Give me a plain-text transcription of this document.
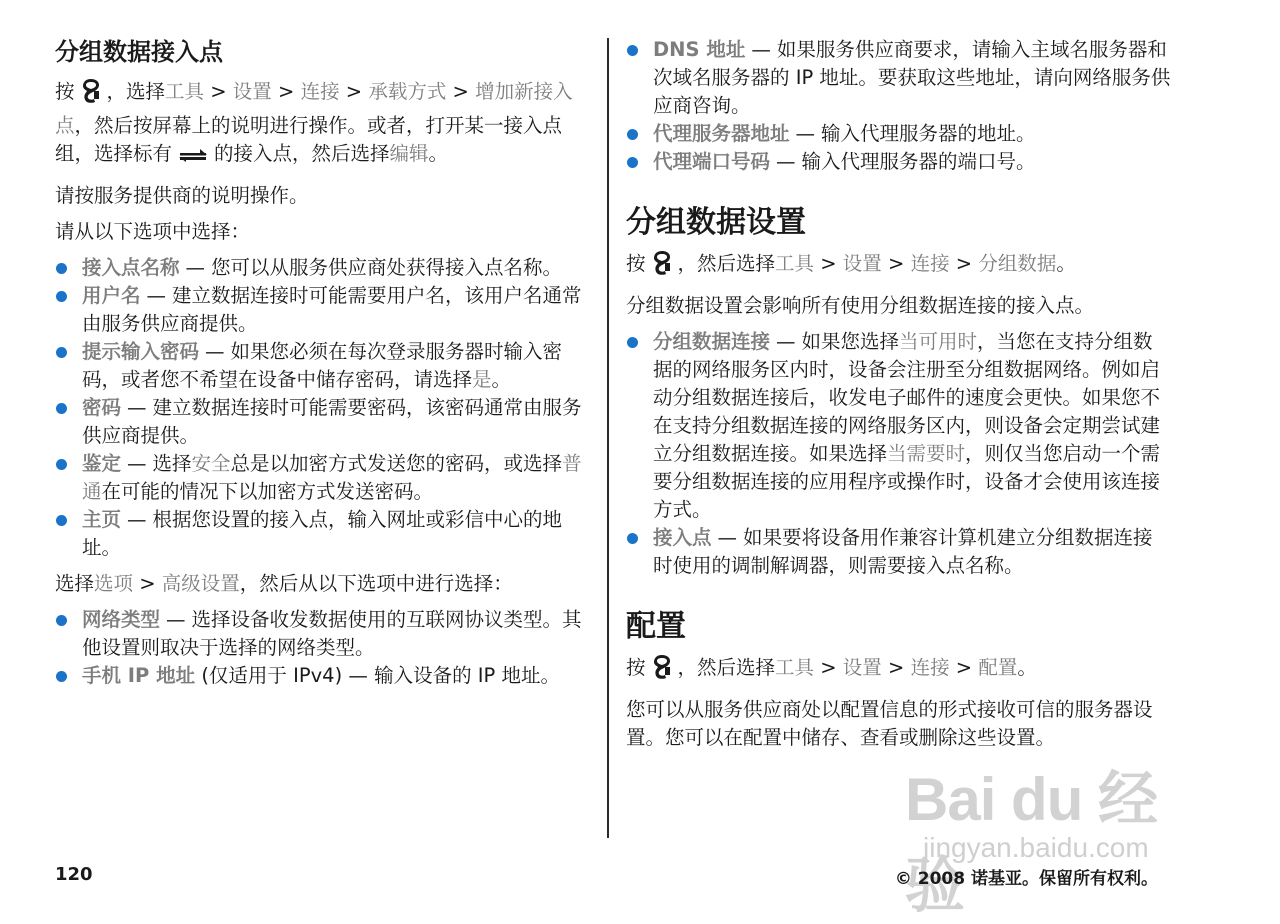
分组数据接入点

按 ，选择工具 > 设置 > 连接 > 承载方式 > 增加新接入点，然后按屏幕上的说明进行操作。或者，打开某一接入点组，选择标有 的接入点，然后选择编辑。

请按服务提供商的说明操作。

请从以下选项中选择：

接入点名称 — 您可以从服务供应商处获得接入点名称。
用户名 — 建立数据连接时可能需要用户名，该用户名通常由服务供应商提供。
提示输入密码 — 如果您必须在每次登录服务器时输入密码，或者您不希望在设备中储存密码，请选择是。
密码 — 建立数据连接时可能需要密码，该密码通常由服务供应商提供。
鉴定 — 选择安全总是以加密方式发送您的密码，或选择普通在可能的情况下以加密方式发送密码。
主页 — 根据您设置的接入点，输入网址或彩信中心的地址。

选择选项 > 高级设置，然后从以下选项中进行选择：

网络类型 — 选择设备收发数据使用的互联网协议类型。其他设置则取决于选择的网络类型。
手机 IP 地址 (仅适用于 IPv4) — 输入设备的 IP 地址。
DNS 地址 — 如果服务供应商要求，请输入主域名服务器和次域名服务器的 IP 地址。要获取这些地址，请向网络服务供应商咨询。
代理服务器地址 — 输入代理服务器的地址。
代理端口号码 — 输入代理服务器的端口号。
分组数据设置

按 ，然后选择工具 > 设置 > 连接 > 分组数据。

分组数据设置会影响所有使用分组数据连接的接入点。

分组数据连接 — 如果您选择当可用时，当您在支持分组数据的网络服务区内时，设备会注册至分组数据网络。例如启动分组数据连接后，收发电子邮件的速度会更快。如果您不在支持分组数据连接的网络服务区内，则设备会定期尝试建立分组数据连接。如果选择当需要时，则仅当您启动一个需要分组数据连接的应用程序或操作时，设备才会使用该连接方式。
接入点 — 如果要将设备用作兼容计算机建立分组数据连接时使用的调制解调器，则需要接入点名称。
配置

按 ，然后选择工具 > 设置 > 连接 > 配置。

您可以从服务供应商处以配置信息的形式接收可信的服务器设置。您可以在配置中储存、查看或删除这些设置。

Bai du 经验
jingyan.baidu.com
120	© 2008 诺基亚。保留所有权利。
